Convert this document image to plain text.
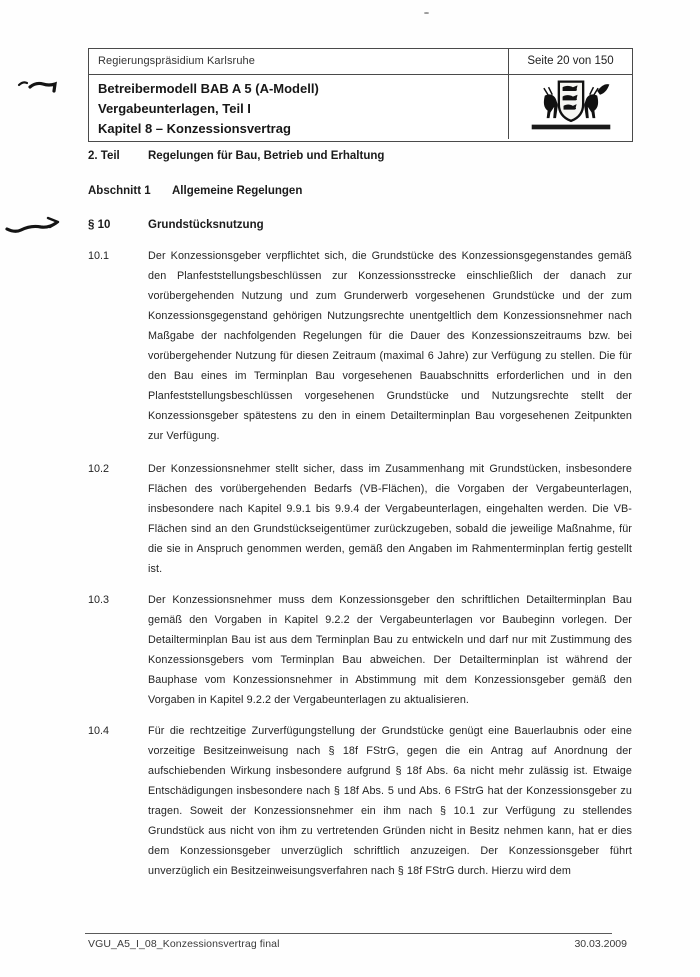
Regierungspräsidium Karlsruhe	Seite 20 von 150
Betreibermodell BAB A 5 (A-Modell)
Vergabeunterlagen, Teil I
Kapitel 8 – Konzessionsvertrag
2. Teil	Regelungen für Bau, Betrieb und Erhaltung
Abschnitt 1	Allgemeine Regelungen
§ 10	Grundstücksnutzung
10.1	Der Konzessionsgeber verpflichtet sich, die Grundstücke des Konzessionsgegenstandes gemäß den Planfeststellungsbeschlüssen zur Konzessionsstrecke einschließlich der danach zur vorübergehenden Nutzung und zum Grunderwerb vorgesehenen Grundstücke und der zum Konzessionsgegenstand gehörigen Nutzungsrechte unentgeltlich dem Konzessionsnehmer nach Maßgabe der nachfolgenden Regelungen für die Dauer des Konzessionszeitraums bzw. bei vorübergehender Nutzung für diesen Zeitraum (maximal 6 Jahre) zur Verfügung zu stellen. Die für den Bau eines im Terminplan Bau vorgesehenen Bauabschnitts erforderlichen und in den Planfeststellungsbeschlüssen vorgesehenen Grundstücke und Nutzungsrechte stellt der Konzessionsgeber spätestens zu den in einem Detailterminplan Bau vorgesehenen Zeitpunkten zur Verfügung.
10.2	Der Konzessionsnehmer stellt sicher, dass im Zusammenhang mit Grundstücken, insbesondere Flächen des vorübergehenden Bedarfs (VB-Flächen), die Vorgaben der Vergabeunterlagen, insbesondere nach Kapitel 9.9.1 bis 9.9.4 der Vergabeunterlagen, eingehalten werden. Die VB-Flächen sind an den Grundstückseigentümer zurückzugeben, sobald die jeweilige Maßnahme, für die sie in Anspruch genommen werden, gemäß den Angaben im Rahmenterminplan fertig gestellt ist.
10.3	Der Konzessionsnehmer muss dem Konzessionsgeber den schriftlichen Detailterminplan Bau gemäß den Vorgaben in Kapitel 9.2.2 der Vergabeunterlagen vor Baubeginn vorlegen. Der Detailterminplan Bau ist aus dem Terminplan Bau zu entwickeln und darf nur mit Zustimmung des Konzessionsgebers vom Terminplan Bau abweichen. Der Detailterminplan ist während der Bauphase vom Konzessionsnehmer in Abstimmung mit dem Konzessionsgeber gemäß den Vorgaben in Kapitel 9.2.2 der Vergabeunterlagen zu aktualisieren.
10.4	Für die rechtzeitige Zurverfügungstellung der Grundstücke genügt eine Bauerlaubnis oder eine vorzeitige Besitzeinweisung nach § 18f FStrG, gegen die ein Antrag auf Anordnung der aufschiebenden Wirkung insbesondere aufgrund § 18f Abs. 6a nicht mehr zulässig ist. Etwaige Entschädigungen insbesondere nach § 18f Abs. 5 und Abs. 6 FStrG hat der Konzessionsgeber zu tragen. Soweit der Konzessionsnehmer ein ihm nach § 10.1 zur Verfügung zu stellendes Grundstück aus nicht von ihm zu vertretenden Gründen nicht in Besitz nehmen kann, hat er dies dem Konzessionsgeber unverzüglich schriftlich anzuzeigen. Der Konzessionsgeber führt unverzüglich ein Besitzeinweisungsverfahren nach § 18f FStrG durch. Hierzu wird dem
VGU_A5_I_08_Konzessionsvertrag final	30.03.2009
